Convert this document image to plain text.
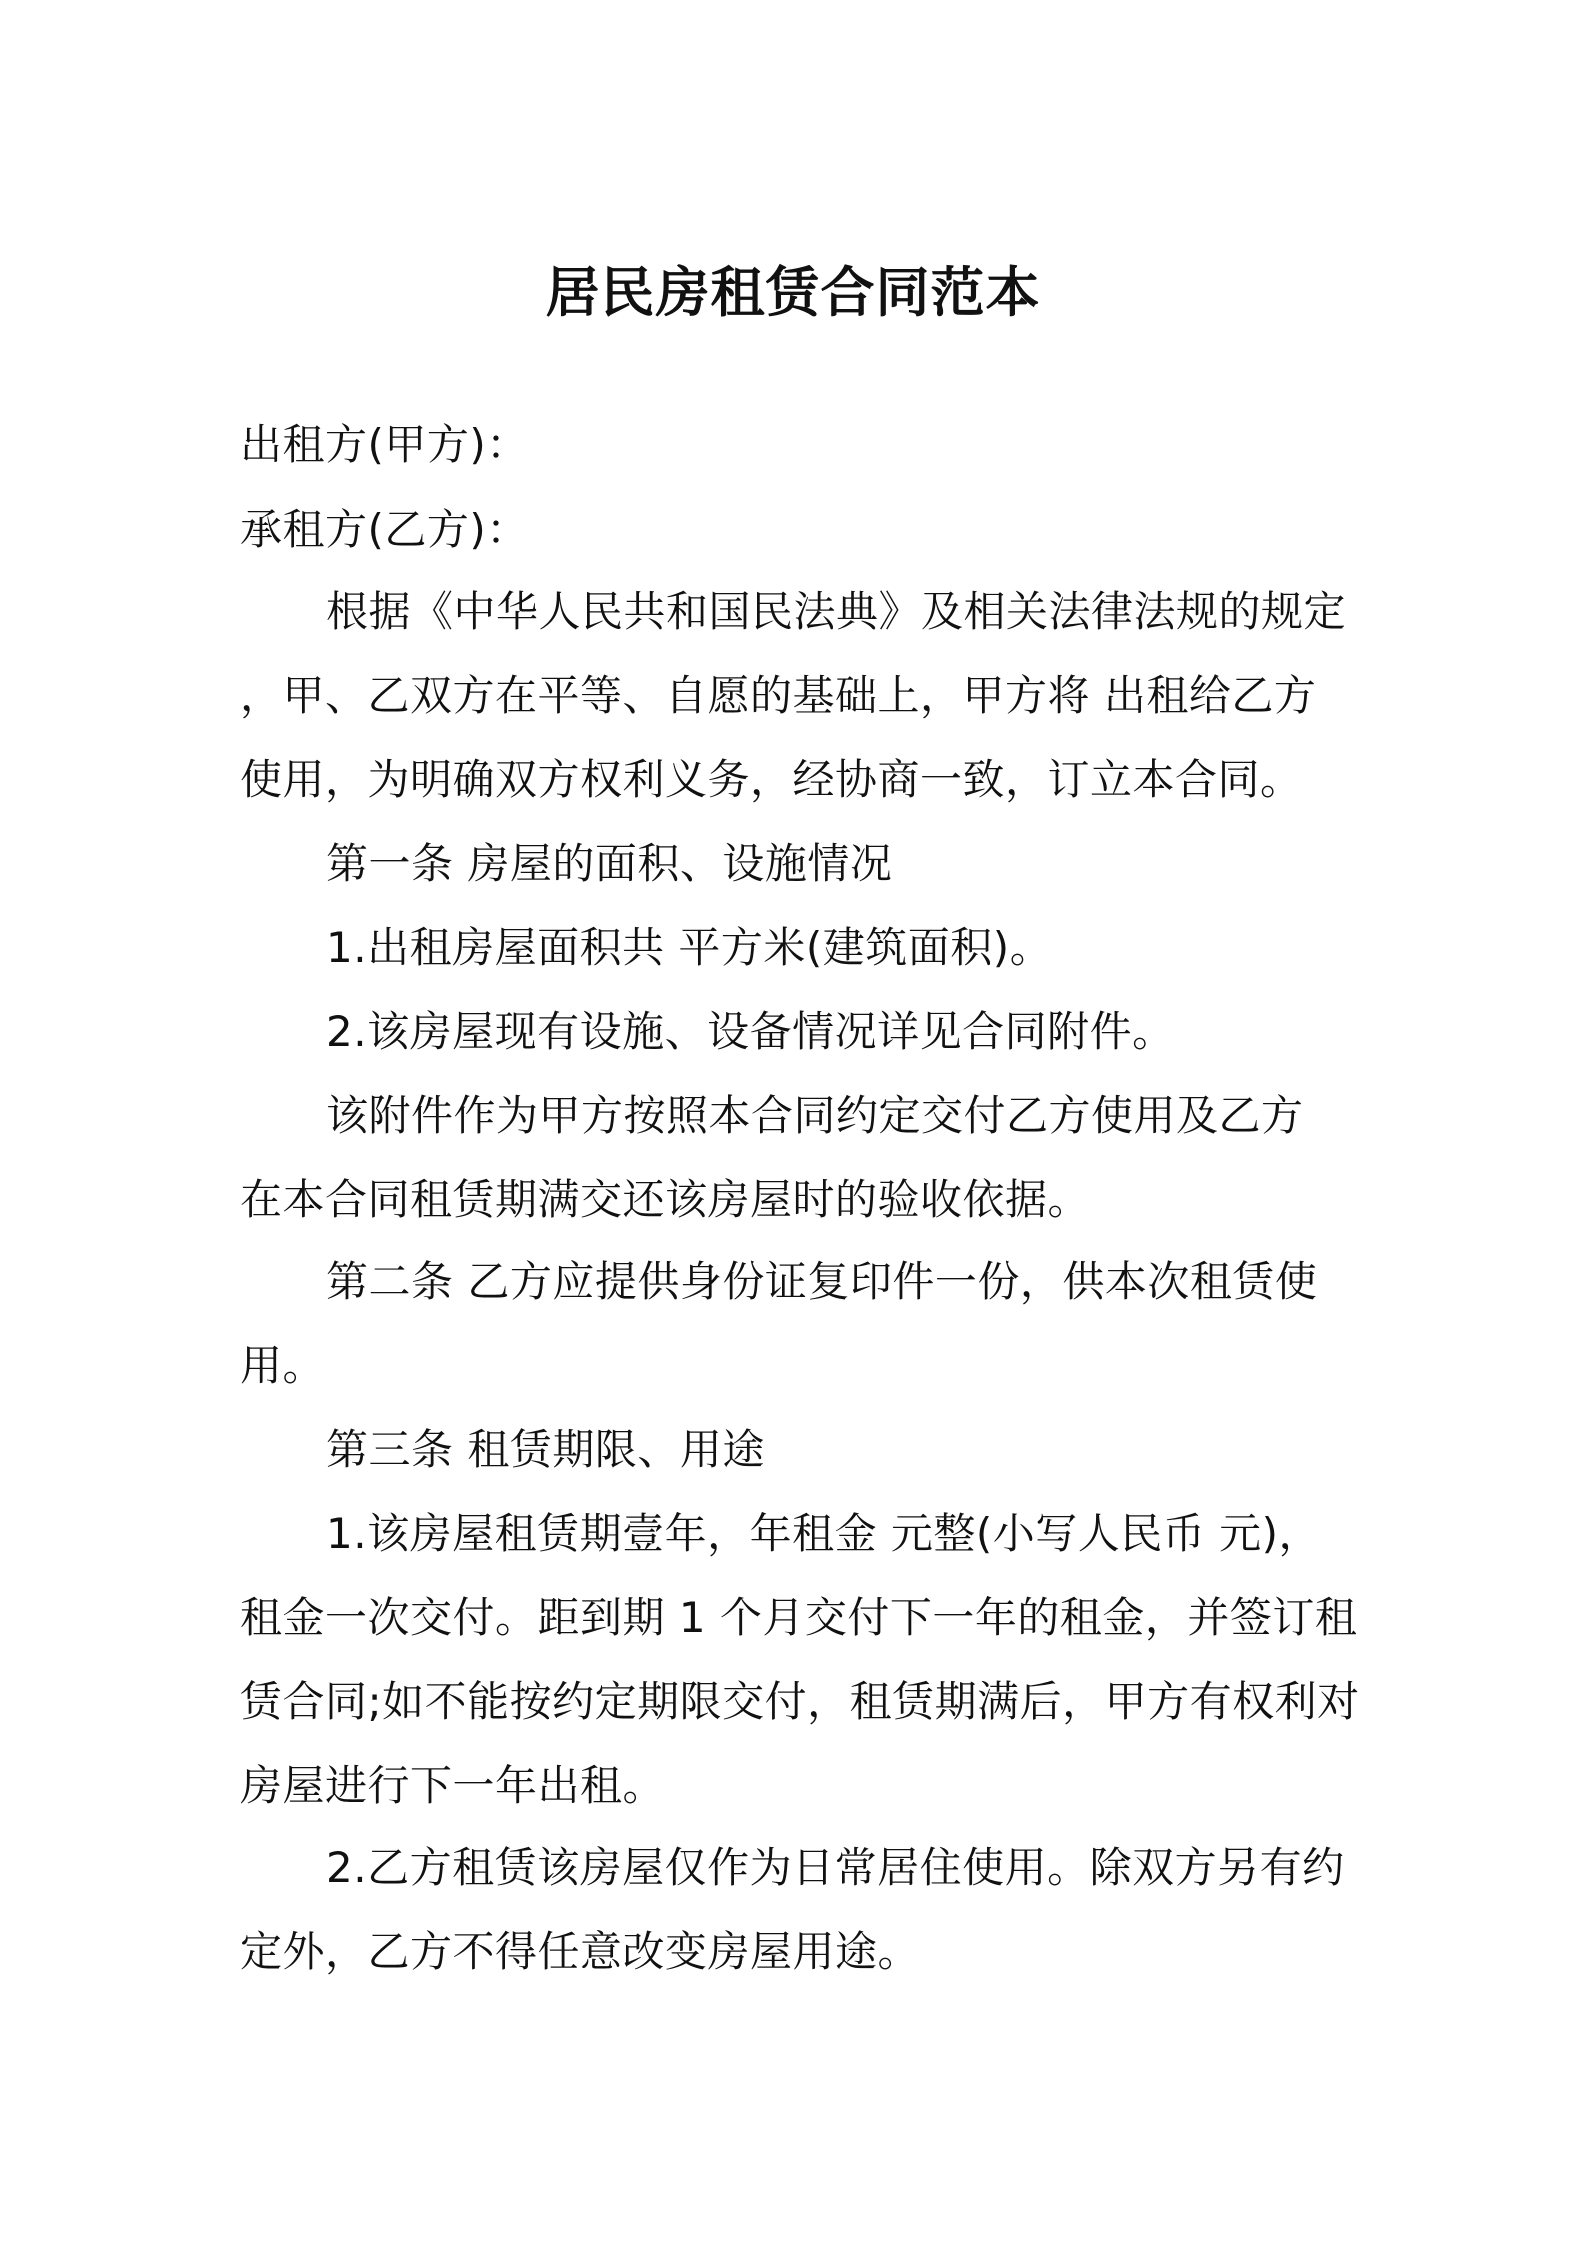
居民房租赁合同范本
出租方(甲方)：
承租方(乙方)：
根据《中华人民共和国民法典》及相关法律法规的规定
，甲、乙双方在平等、自愿的基础上，甲方将 出租给乙方
使用，为明确双方权利义务，经协商一致，订立本合同。
第一条 房屋的面积、设施情况
1.出租房屋面积共 平方米(建筑面积)。
2.该房屋现有设施、设备情况详见合同附件。
该附件作为甲方按照本合同约定交付乙方使用及乙方
在本合同租赁期满交还该房屋时的验收依据。
第二条 乙方应提供身份证复印件一份，供本次租赁使
用。
第三条 租赁期限、用途
1.该房屋租赁期壹年，年租金 元整(小写人民币 元)，
租金一次交付。距到期 1 个月交付下一年的租金，并签订租
赁合同;如不能按约定期限交付，租赁期满后，甲方有权利对
房屋进行下一年出租。
2.乙方租赁该房屋仅作为日常居住使用。除双方另有约
定外，乙方不得任意改变房屋用途。
